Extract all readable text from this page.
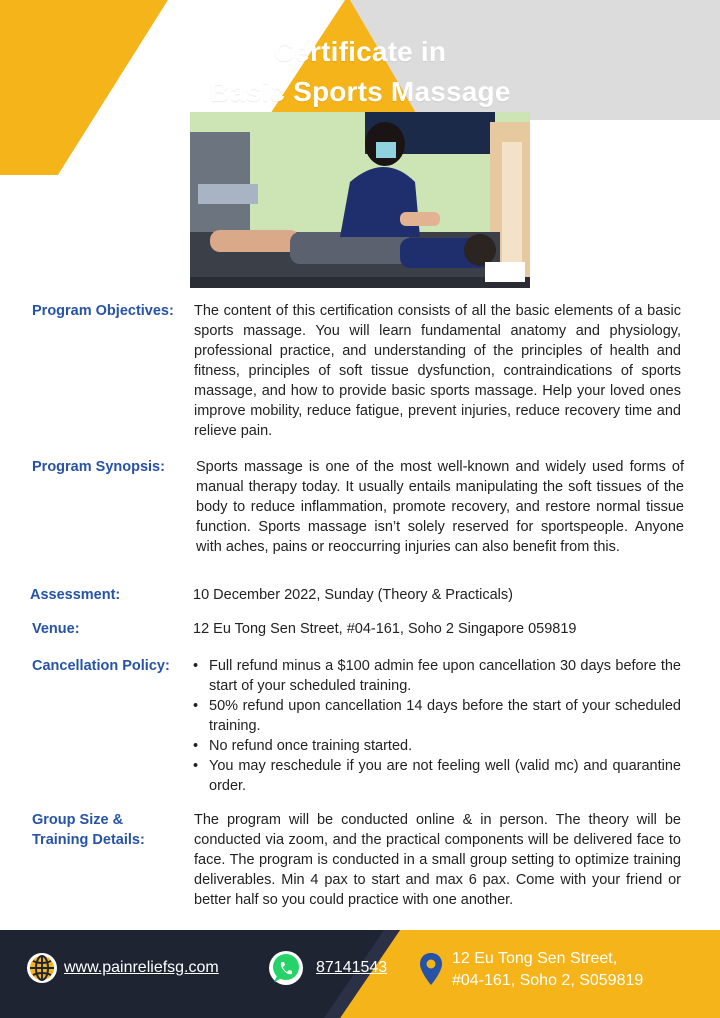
Certificate in
Basic Sports Massage
Program Objectives: The content of this certification consists of all the basic elements of a basic sports massage. You will learn fundamental anatomy and physiology, professional practice, and understanding of the principles of health and fitness, principles of soft tissue dysfunction, contraindications of sports massage, and how to provide basic sports massage. Help your loved ones improve mobility, reduce fatigue, prevent injuries, reduce recovery time and relieve pain.
Program Synopsis: Sports massage is one of the most well-known and widely used forms of manual therapy today. It usually entails manipulating the soft tissues of the body to reduce inflammation, promote recovery, and restore normal tissue function. Sports massage isn’t solely reserved for sportspeople. Anyone with aches, pains or reoccurring injuries can also benefit from this.
Assessment:	10 December 2022, Sunday (Theory & Practicals)
Venue:	12 Eu Tong Sen Street, #04-161, Soho 2 Singapore 059819
Cancellation Policy:
•	Full refund minus a $100 admin fee upon cancellation 30 days before the start of your scheduled training.
• 50% refund upon cancellation 14 days before the start of your scheduled training.
• No refund once training started.
• You may reschedule if you are not feeling well (valid mc) and quarantine order.
Group Size &
Training Details:
The program will be conducted online & in person. The theory will be conducted via zoom, and the practical components will be delivered face to face. The program is conducted in a small group setting to optimize training deliverables. Min 4 pax to start and max 6 pax. Come with your friend or better half so you could practice with one another.
www.painreliefsg.com	87141543
12 Eu Tong Sen Street,
#04-161, Soho 2, S059819
